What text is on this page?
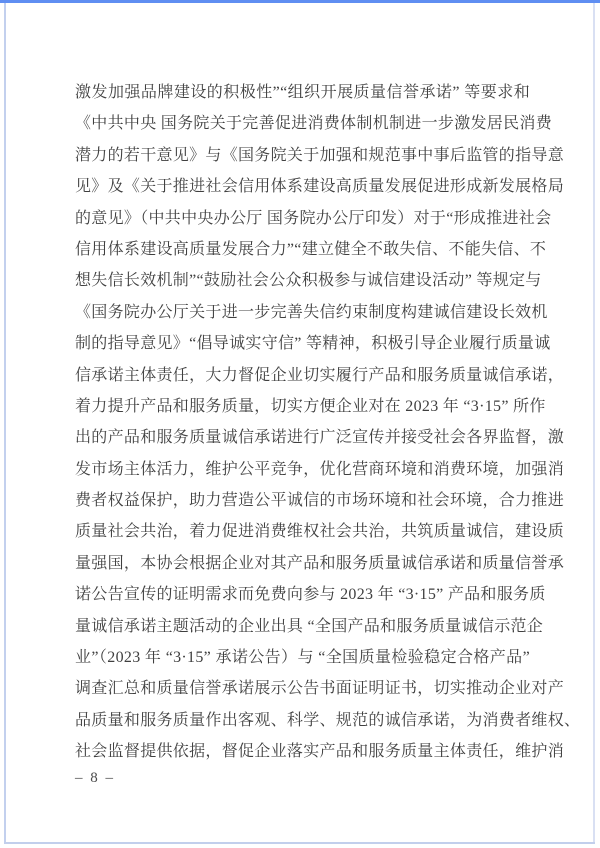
激发加强品牌建设的积极性”“组织开展质量信誉承诺” 等要求和
《中共中央 国务院关于完善促进消费体制机制进一步激发居民消费
潜力的若干意见》与《国务院关于加强和规范事中事后监管的指导意
见》及《关于推进社会信用体系建设高质量发展促进形成新发展格局
的意见》（中共中央办公厅 国务院办公厅印发）对于“形成推进社会
信用体系建设高质量发展合力”“建立健全不敢失信、不能失信、不
想失信长效机制”“鼓励社会公众积极参与诚信建设活动” 等规定与
《国务院办公厅关于进一步完善失信约束制度构建诚信建设长效机
制的指导意见》“倡导诚实守信” 等精神，积极引导企业履行质量诚
信承诺主体责任，大力督促企业切实履行产品和服务质量诚信承诺，
着力提升产品和服务质量，切实方便企业对在 2023 年 “3·15” 所作
出的产品和服务质量诚信承诺进行广泛宣传并接受社会各界监督，激
发市场主体活力，维护公平竞争，优化营商环境和消费环境，加强消
费者权益保护，助力营造公平诚信的市场环境和社会环境，合力推进
质量社会共治，着力促进消费维权社会共治，共筑质量诚信，建设质
量强国，本协会根据企业对其产品和服务质量诚信承诺和质量信誉承
诺公告宣传的证明需求而免费向参与 2023 年 “3·15” 产品和服务质
量诚信承诺主题活动的企业出具 “全国产品和服务质量诚信示范企
业”（2023 年 “3·15” 承诺公告）与 “全国质量检验稳定合格产品”
调查汇总和质量信誉承诺展示公告书面证明证书，切实推动企业对产
品质量和服务质量作出客观、科学、规范的诚信承诺，为消费者维权、
社会监督提供依据，督促企业落实产品和服务质量主体责任，维护消
– 8 –
